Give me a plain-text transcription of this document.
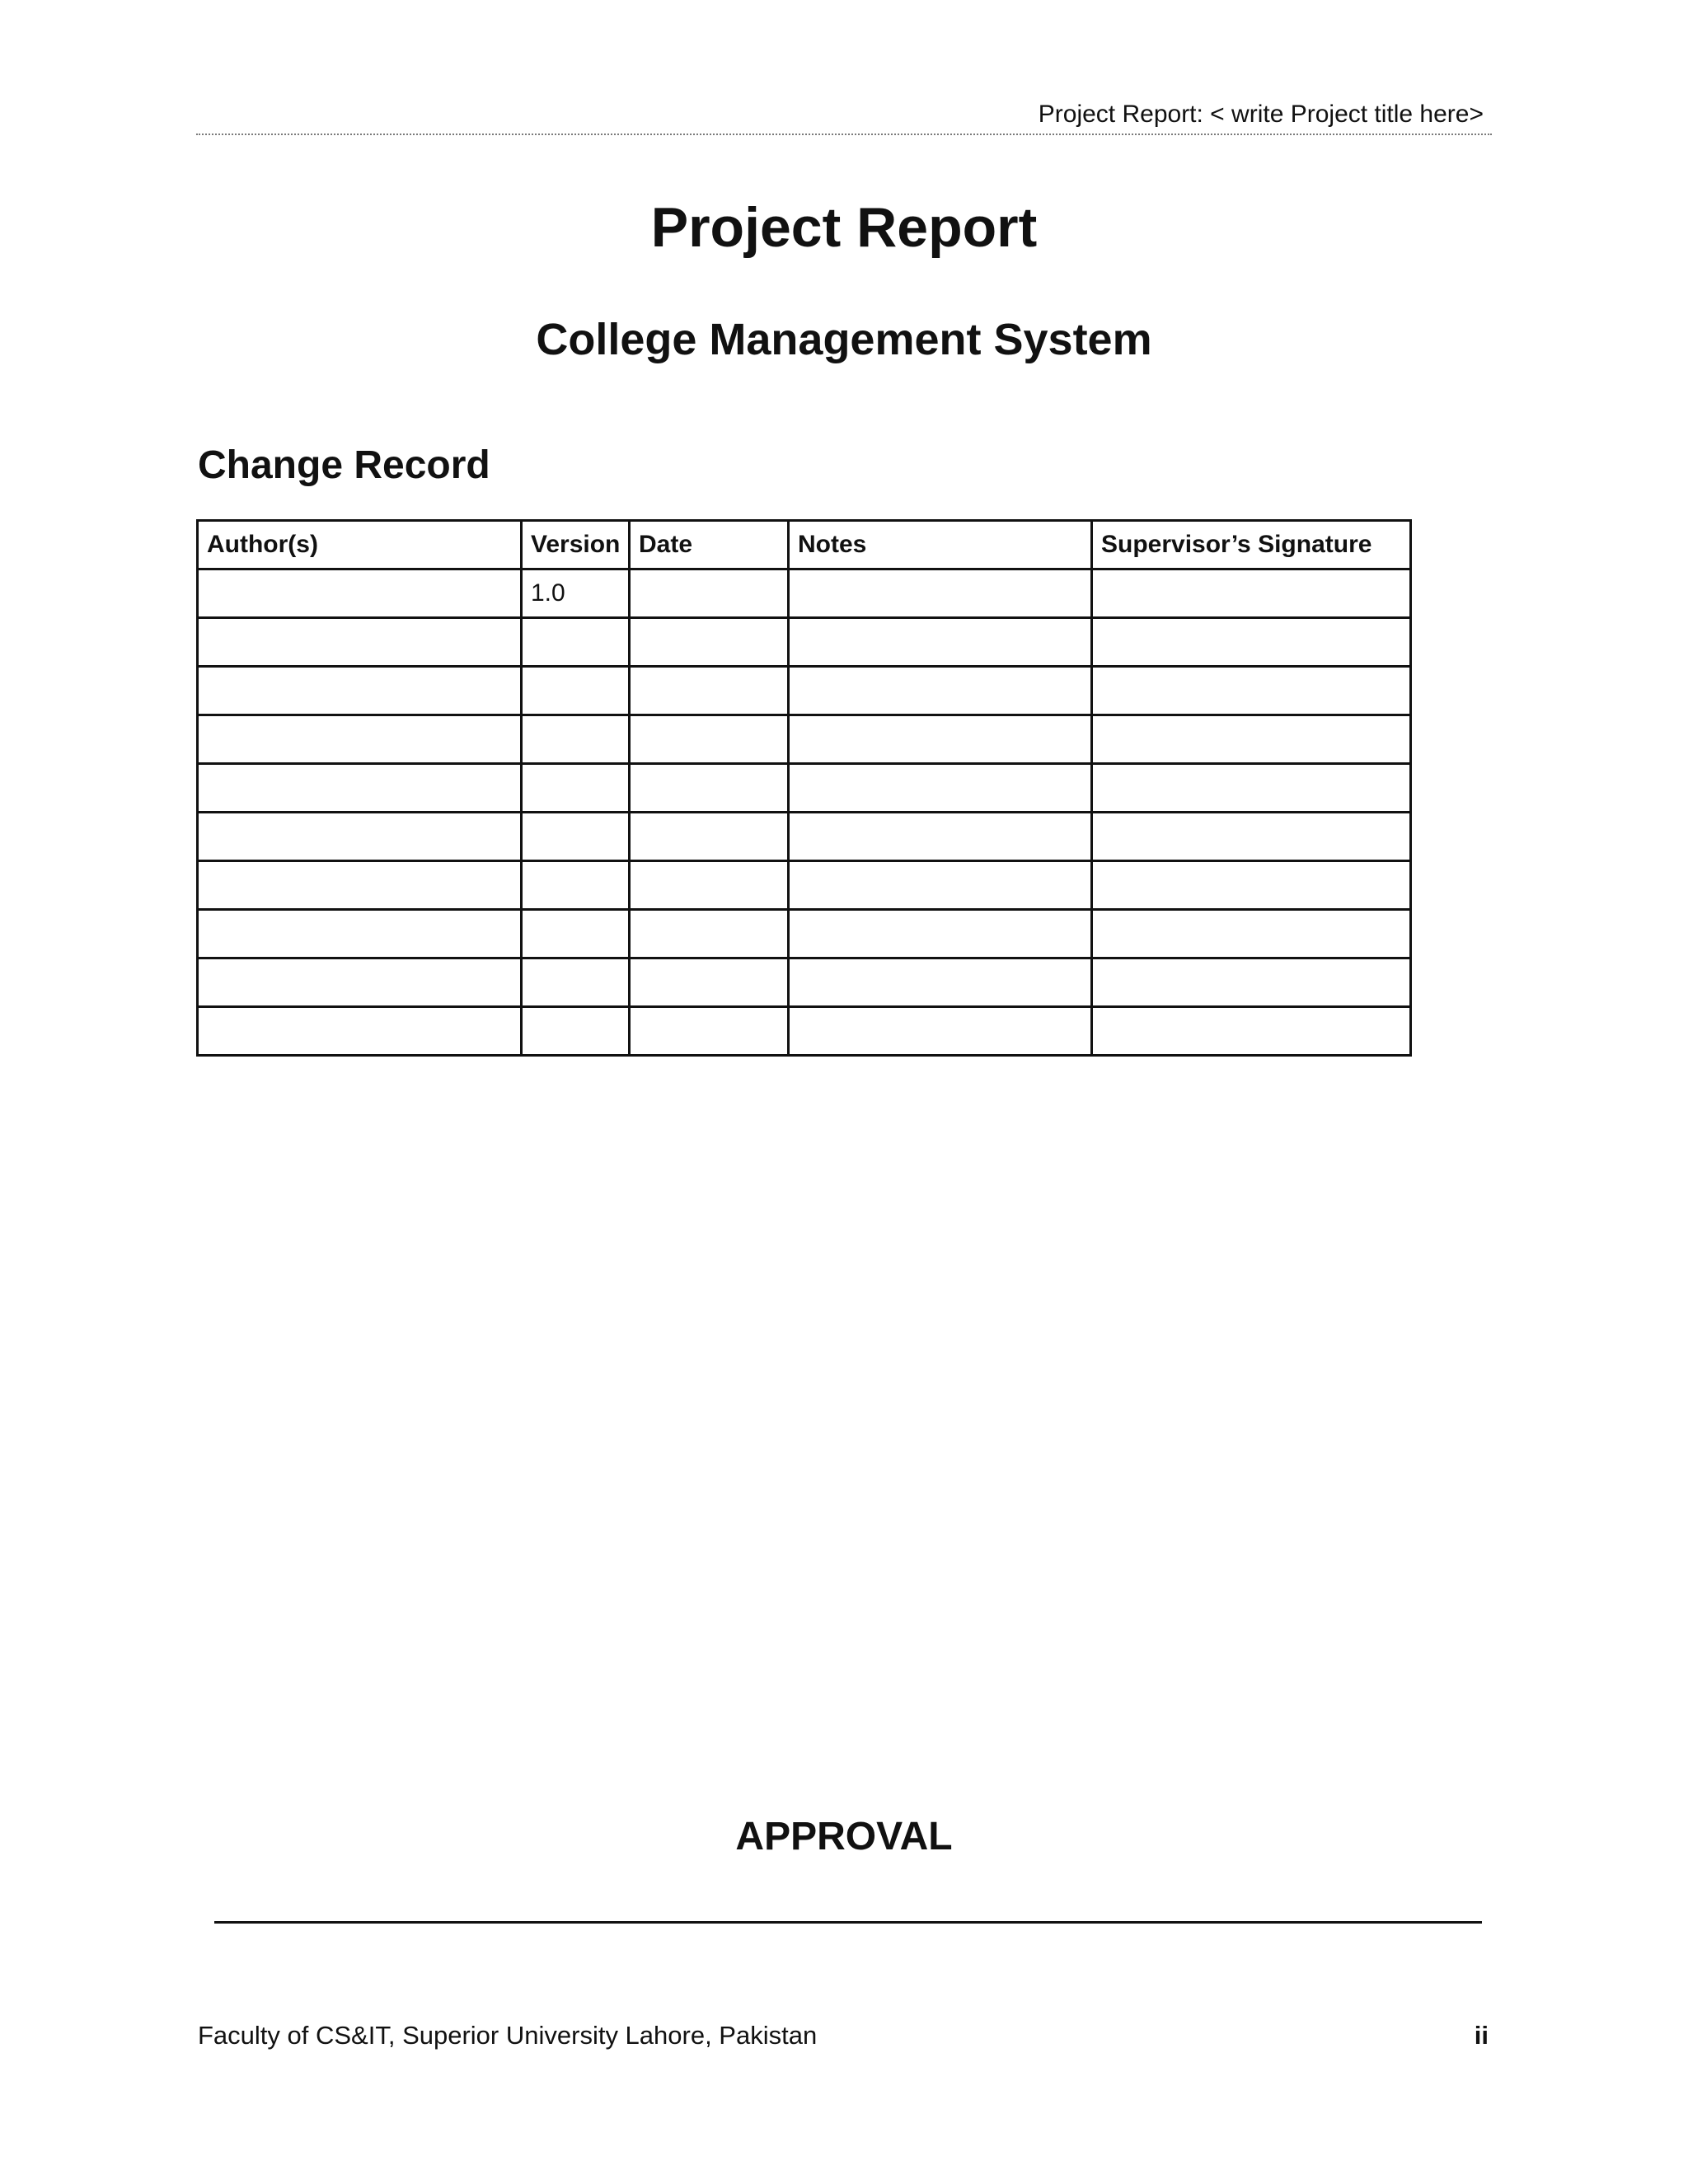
Project Report: < write Project title here>
Project Report
College Management System
Change Record
Author(s)	Version	Date	Notes	Supervisor’s Signature
	1.0			

APPROVAL
Faculty of CS&IT, Superior University Lahore, Pakistan	ii
